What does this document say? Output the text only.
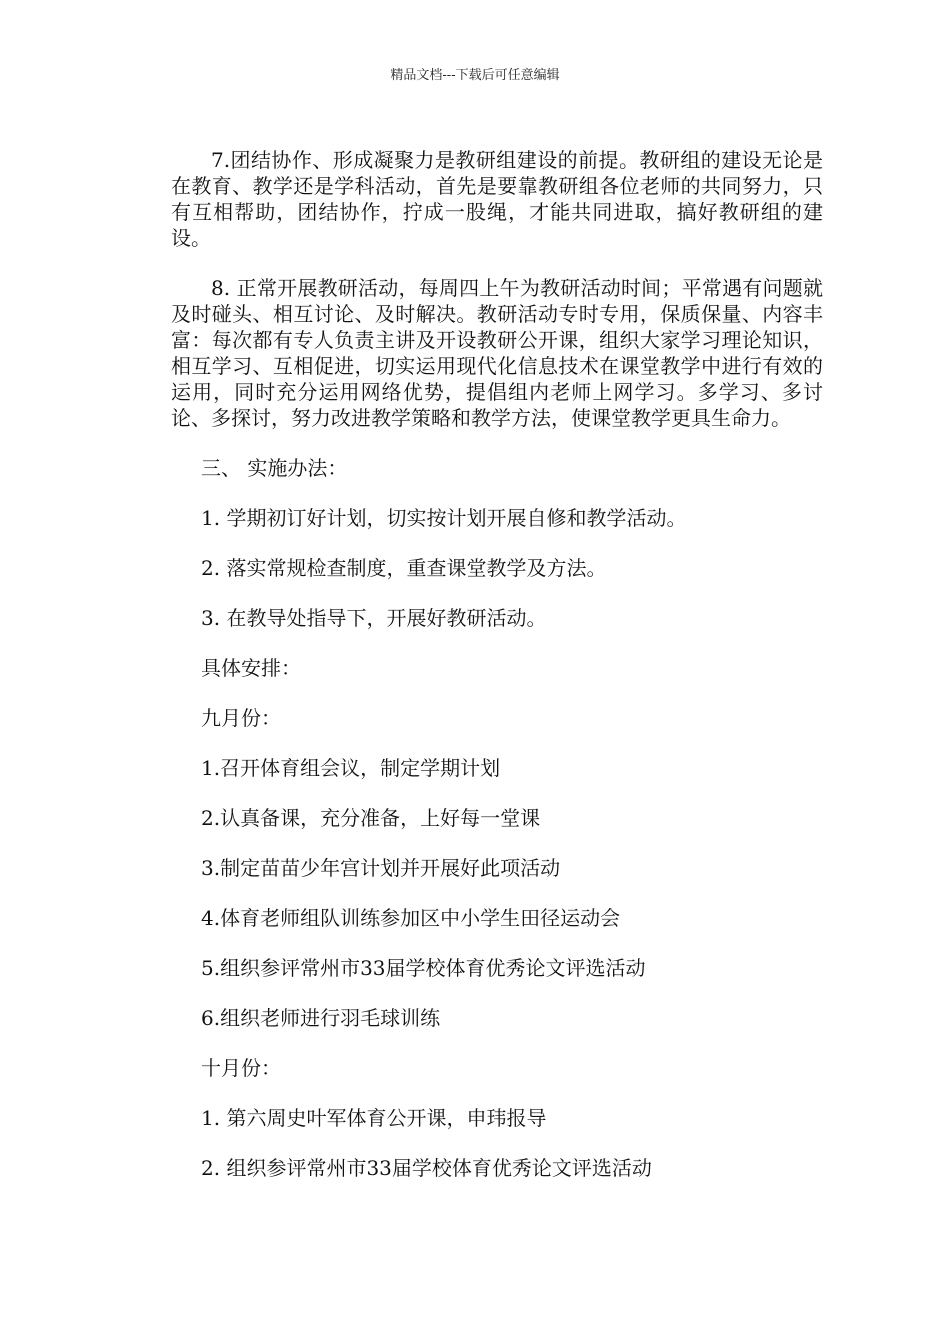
精品文档---下载后可任意编辑

7.团结协作、形成凝聚力是教研组建设的前提。教研组的建设无论是在教育、教学还是学科活动，首先是要靠教研组各位老师的共同努力，只有互相帮助，团结协作，拧成一股绳，才能共同进取，搞好教研组的建设。

8. 正常开展教研活动，每周四上午为教研活动时间；平常遇有问题就及时碰头、相互讨论、及时解决。教研活动专时专用，保质保量、内容丰富：每次都有专人负责主讲及开设教研公开课，组织大家学习理论知识，相互学习、互相促进，切实运用现代化信息技术在课堂教学中进行有效的运用，同时充分运用网络优势，提倡组内老师上网学习。多学习、多讨论、多探讨，努力改进教学策略和教学方法，使课堂教学更具生命力。

三、 实施办法：

1. 学期初订好计划，切实按计划开展自修和教学活动。

2. 落实常规检查制度，重查课堂教学及方法。

3. 在教导处指导下，开展好教研活动。

具体安排：

九月份：

1.召开体育组会议，制定学期计划

2.认真备课，充分准备，上好每一堂课

3.制定苗苗少年宫计划并开展好此项活动

4.体育老师组队训练参加区中小学生田径运动会

5.组织参评常州市33届学校体育优秀论文评选活动

6.组织老师进行羽毛球训练

十月份：

1. 第六周史叶军体育公开课，申玮报导

2. 组织参评常州市33届学校体育优秀论文评选活动
